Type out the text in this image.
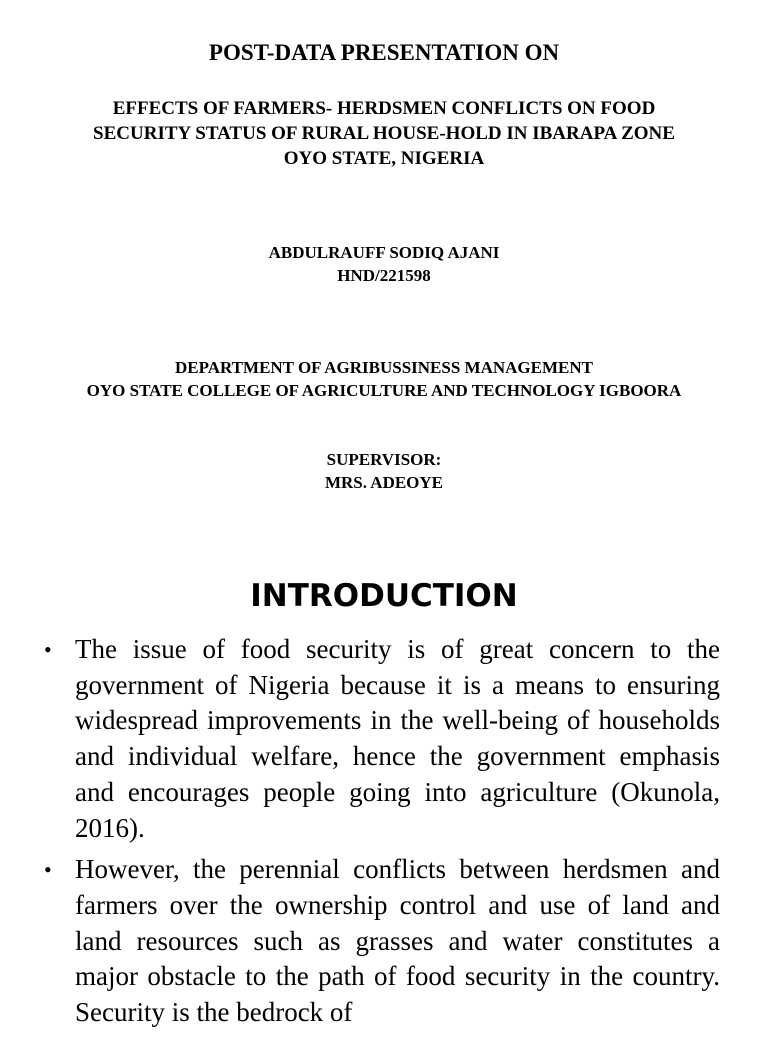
POST-DATA PRESENTATION ON
EFFECTS OF FARMERS- HERDSMEN CONFLICTS ON FOOD
SECURITY STATUS OF RURAL HOUSE-HOLD IN IBARAPA ZONE
OYO STATE, NIGERIA
ABDULRAUFF SODIQ AJANI
HND/221598
DEPARTMENT OF AGRIBUSSINESS MANAGEMENT
OYO STATE COLLEGE OF AGRICULTURE AND TECHNOLOGY IGBOORA
SUPERVISOR:
MRS. ADEOYE
INTRODUCTION
• The issue of food security is of great concern to the government of Nigeria because it is a means to ensuring widespread improvements in the well-being of households and individual welfare, hence the government emphasis and encourages people going into agriculture (Okunola, 2016).
• However, the perennial conflicts between herdsmen and farmers over the ownership control and use of land and land resources such as grasses and water constitutes a major obstacle to the path of food security in the country. Security is the bedrock of
